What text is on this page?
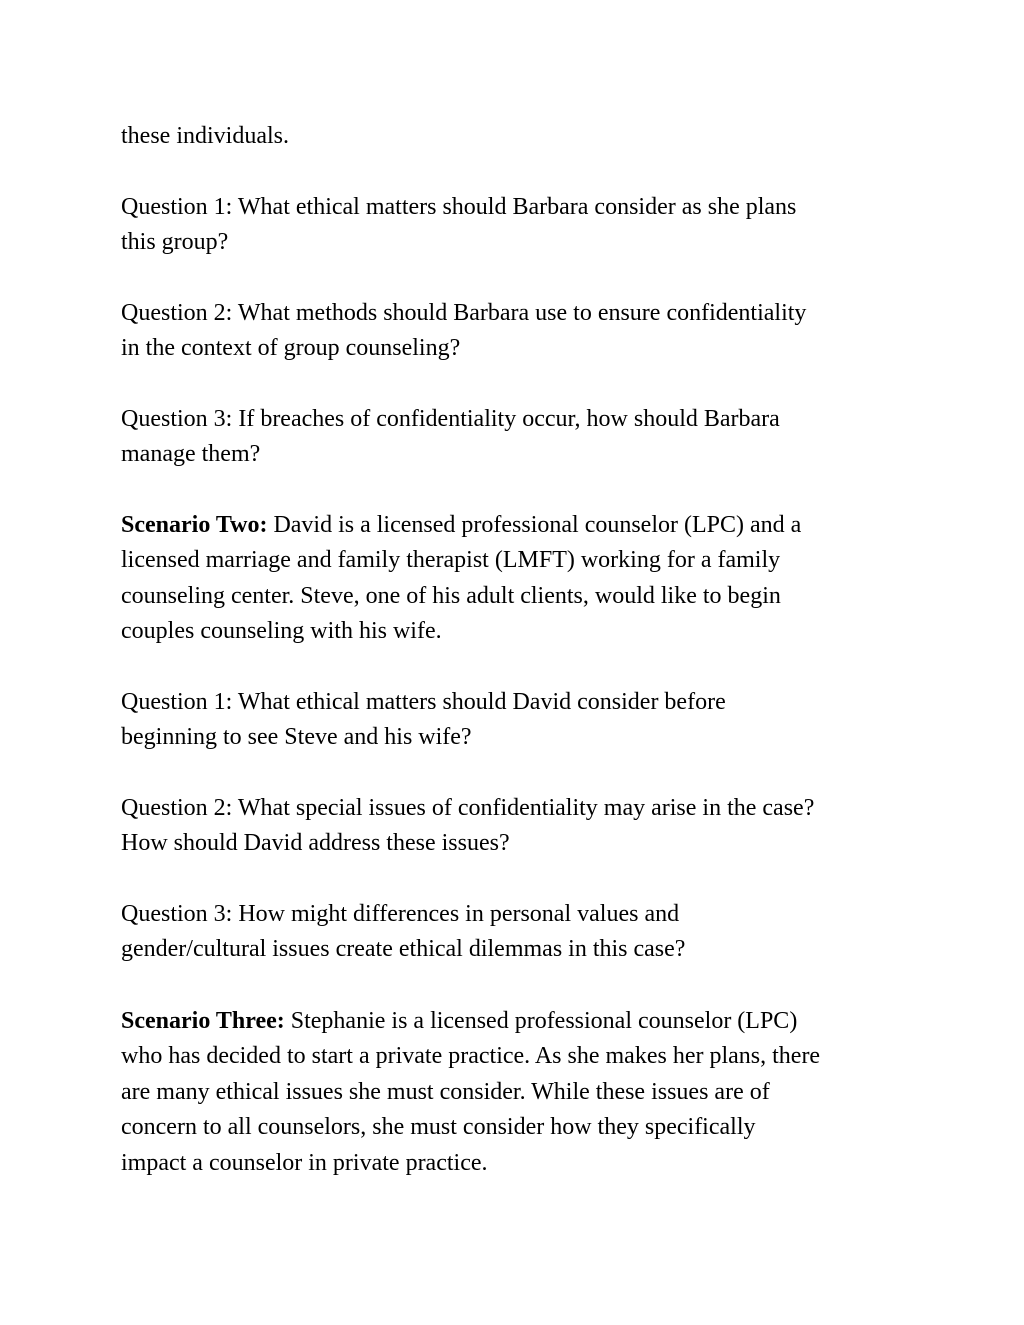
these individuals.

Question 1: What ethical matters should Barbara consider as she plans
this group?

Question 2: What methods should Barbara use to ensure confidentiality
in the context of group counseling?

Question 3: If breaches of confidentiality occur, how should Barbara
manage them?

Scenario Two: David is a licensed professional counselor (LPC) and a
licensed marriage and family therapist (LMFT) working for a family
counseling center. Steve, one of his adult clients, would like to begin
couples counseling with his wife.

Question 1: What ethical matters should David consider before
beginning to see Steve and his wife?

Question 2: What special issues of confidentiality may arise in the case?
How should David address these issues?

Question 3: How might differences in personal values and
gender/cultural issues create ethical dilemmas in this case?

Scenario Three: Stephanie is a licensed professional counselor (LPC)
who has decided to start a private practice. As she makes her plans, there
are many ethical issues she must consider. While these issues are of
concern to all counselors, she must consider how they specifically
impact a counselor in private practice.
